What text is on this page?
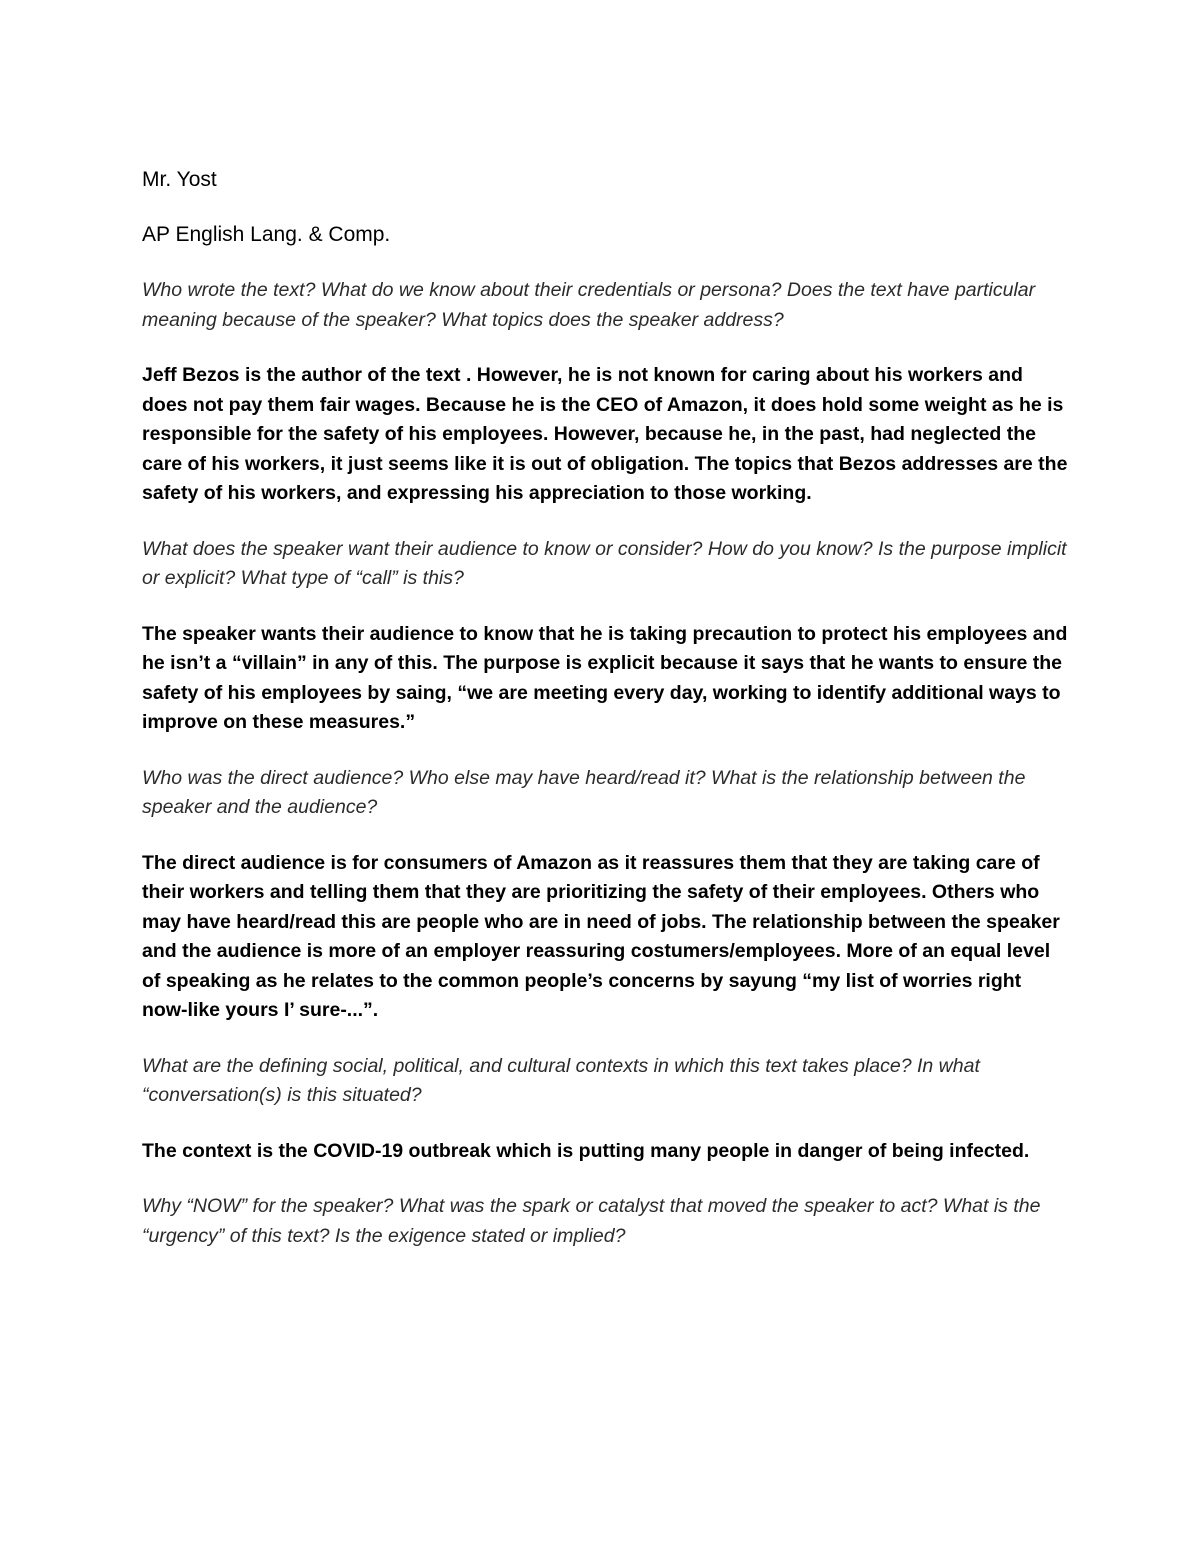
Mr. Yost

AP English Lang. & Comp.

Who wrote the text? What do we know about their credentials or persona? Does the text have particular meaning because of the speaker? What topics does the speaker address?

Jeff Bezos is the author of the text . However, he is not known for caring about his workers and does not pay them fair wages. Because he is the CEO of Amazon, it does hold some weight as he is responsible for the safety of his employees. However, because he, in the past, had neglected the care of his workers, it just seems like it is out of obligation. The topics that Bezos addresses are the safety of his workers, and expressing his appreciation to those working.

What does the speaker want their audience to know or consider? How do you know? Is the purpose implicit or explicit? What type of “call” is this?

The speaker wants their audience to know that he is taking precaution to protect his employees and he isn’t a “villain” in any of this. The purpose is explicit because it says that he wants to ensure the safety of his employees by saing, “we are meeting every day, working to identify additional ways to improve on these measures.”

Who was the direct audience? Who else may have heard/read it? What is the relationship between the speaker and the audience?

The direct audience is for consumers of Amazon as it reassures them that they are taking care of their workers and telling them that they are prioritizing the safety of their employees. Others who may have heard/read this are people who are in need of jobs. The relationship between the speaker and the audience is more of an employer reassuring costumers/employees. More of an equal level of speaking as he relates to the common people’s concerns by sayung “my list of worries right now-like yours I’ sure-...”.

What are the defining social, political, and cultural contexts in which this text takes place? In what “conversation(s) is this situated?

The context is the COVID-19 outbreak which is putting many people in danger of being infected.

Why “NOW” for the speaker? What was the spark or catalyst that moved the speaker to act? What is the “urgency” of this text? Is the exigence stated or implied?
